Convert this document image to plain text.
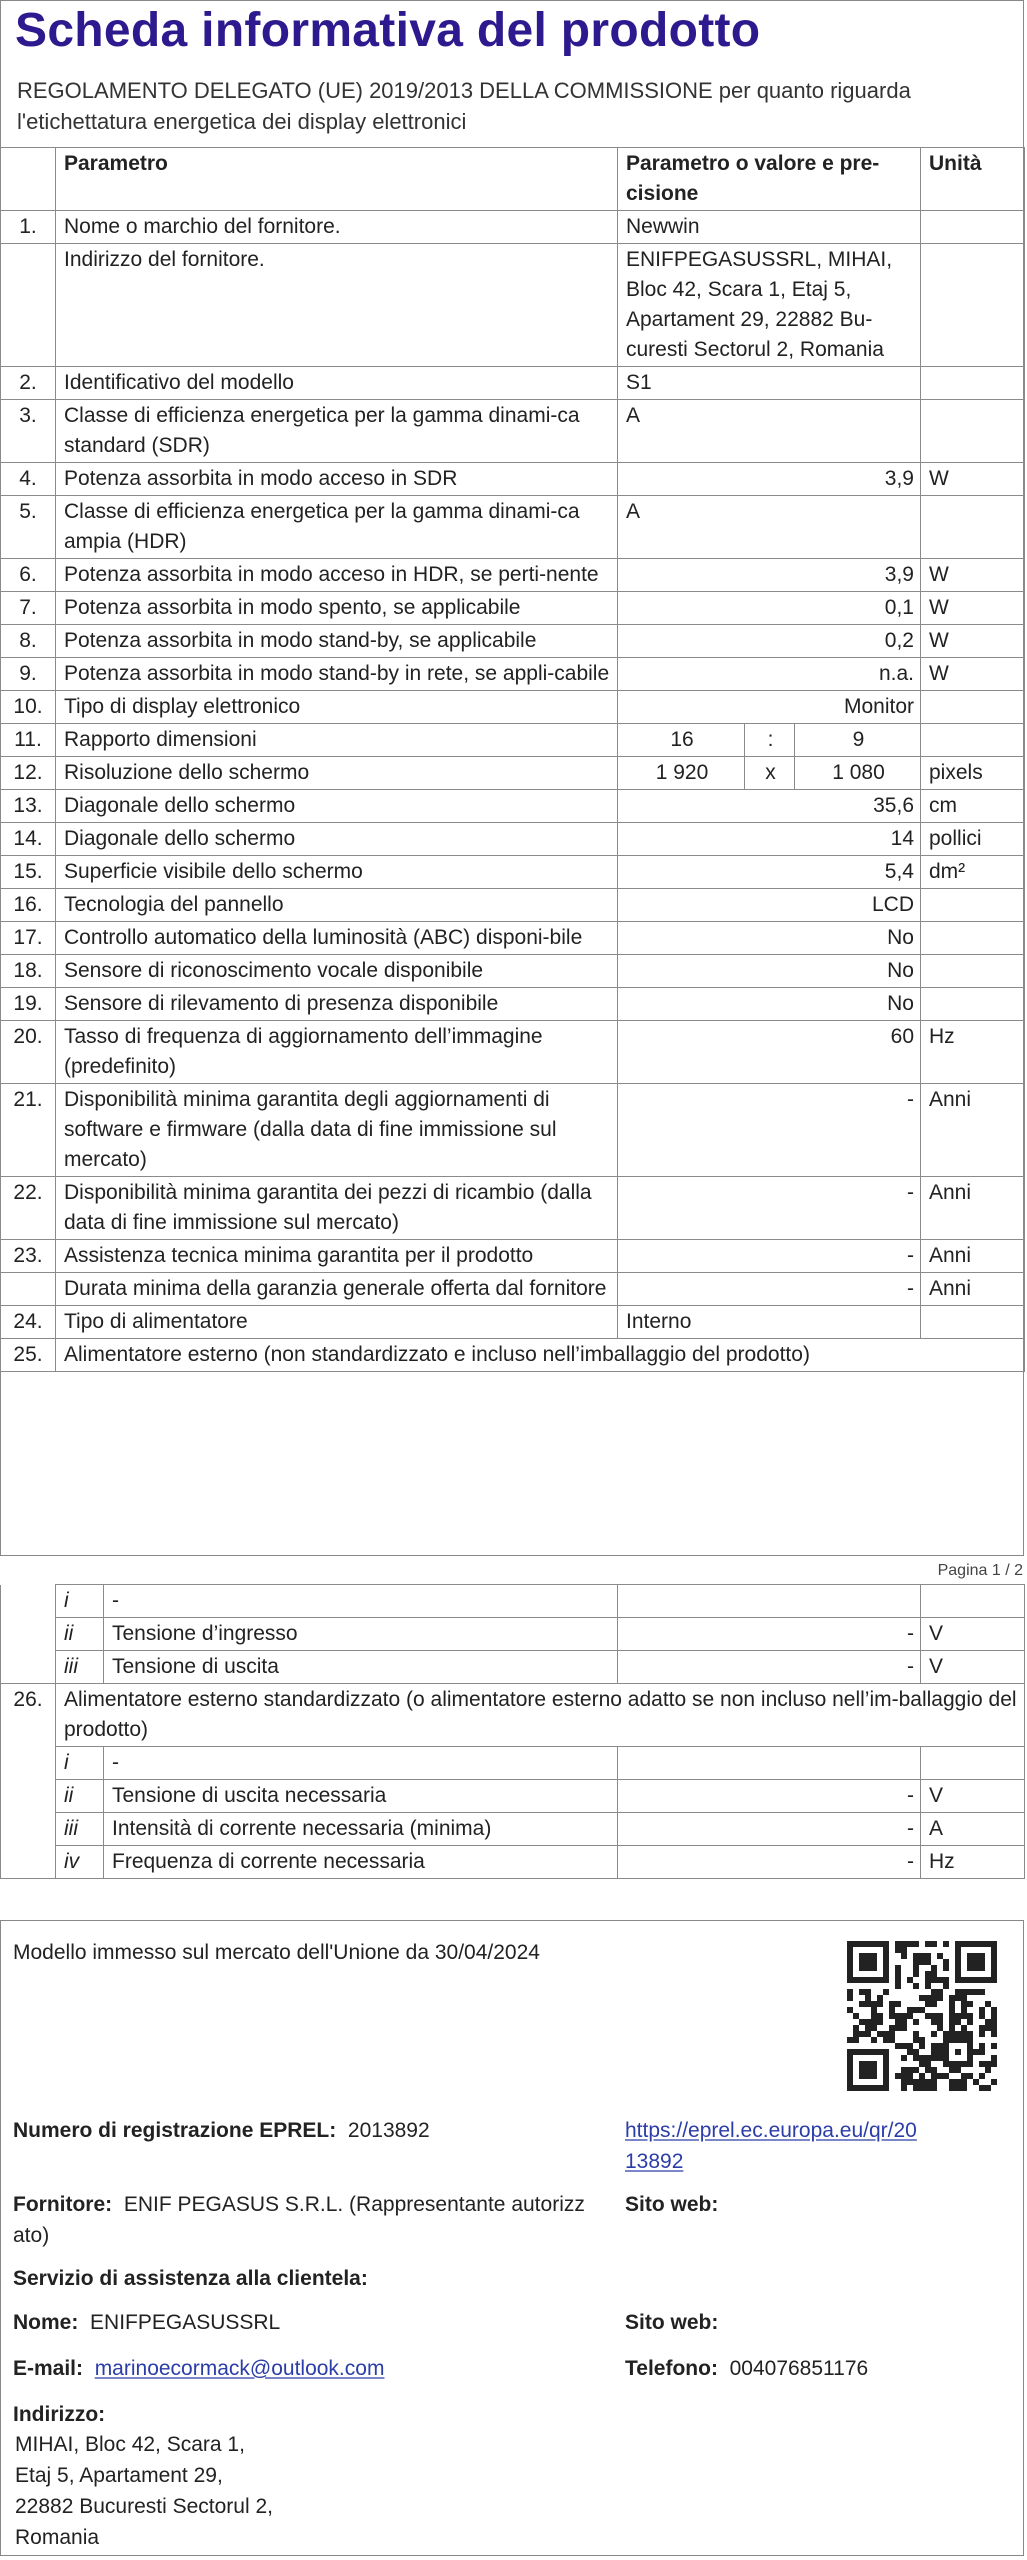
Scheda informativa del prodotto
REGOLAMENTO DELEGATO (UE) 2019/2013 DELLA COMMISSIONE per quanto riguarda l'etichettatura energetica dei display elettronici
	Parametro	Parametro o valore e pre-cisione			Unità
1.	Nome o marchio del fornitore.	Newwin			
	Indirizzo del fornitore.	ENIFPEGASUSSRL, MIHAI, Bloc 42, Scara 1, Etaj 5, Apartament 29, 22882 Bu-curesti Sectorul 2, Romania			
2.	Identificativo del modello	S1			
3.	Classe di efficienza energetica per la gamma dinami-ca standard (SDR)	A			
4.	Potenza assorbita in modo acceso in SDR	3,9			W
5.	Classe di efficienza energetica per la gamma dinami-ca ampia (HDR)	A			
6.	Potenza assorbita in modo acceso in HDR, se perti-nente	3,9			W
7.	Potenza assorbita in modo spento, se applicabile	0,1			W
8.	Potenza assorbita in modo stand-by, se applicabile	0,2			W
9.	Potenza assorbita in modo stand-by in rete, se appli-cabile	n.a.			W
10.	Tipo di display elettronico	Monitor			
11.	Rapporto dimensioni	16	:	9	
12.	Risoluzione dello schermo	1 920	x	1 080	pixels
13.	Diagonale dello schermo	35,6			cm
14.	Diagonale dello schermo	14			pollici
15.	Superficie visibile dello schermo	5,4			dm²
16.	Tecnologia del pannello	LCD			
17.	Controllo automatico della luminosità (ABC) disponi-bile	No			
18.	Sensore di riconoscimento vocale disponibile	No			
19.	Sensore di rilevamento di presenza disponibile	No			
20.	Tasso di frequenza di aggiornamento dell’immagine (predefinito)	60			Hz
21.	Disponibilità minima garantita degli aggiornamenti di software e firmware (dalla data di fine immissione sul mercato)	-			Anni
22.	Disponibilità minima garantita dei pezzi di ricambio (dalla data di fine immissione sul mercato)	-			Anni
23.	Assistenza tecnica minima garantita per il prodotto	-			Anni
	Durata minima della garanzia generale offerta dal fornitore	-			Anni
24.	Tipo di alimentatore	Interno			
25.	Alimentatore esterno (non standardizzato e incluso nell’imballaggio del prodotto)				
Pagina 1 / 2
	i	-		
	ii	Tensione d’ingresso	-	V
	iii	Tensione di uscita	-	V
26.	Alimentatore esterno standardizzato (o alimentatore esterno adatto se non incluso nell’im-ballaggio del prodotto)			
	i	-		
	ii	Tensione di uscita necessaria	-	V
	iii	Intensità di corrente necessaria (minima)	-	A
	iv	Frequenza di corrente necessaria	-	Hz
Modello immesso sul mercato dell'Unione da 30/04/2024
Numero di registrazione EPREL: 2013892	https://eprel.ec.europa.eu/qr/20
13892
Fornitore: ENIF PEGASUS S.R.L. (Rappresentante autorizz
ato)
Sito web:
Servizio di assistenza alla clientela:
Nome: ENIFPEGASUSSRL	Sito web:
E-mail: marinoecormack@outlook.com	Telefono: 004076851176
Indirizzo:
MIHAI, Bloc 42, Scara 1,
Etaj 5, Apartament 29,
22882 Bucuresti Sectorul 2,
Romania
